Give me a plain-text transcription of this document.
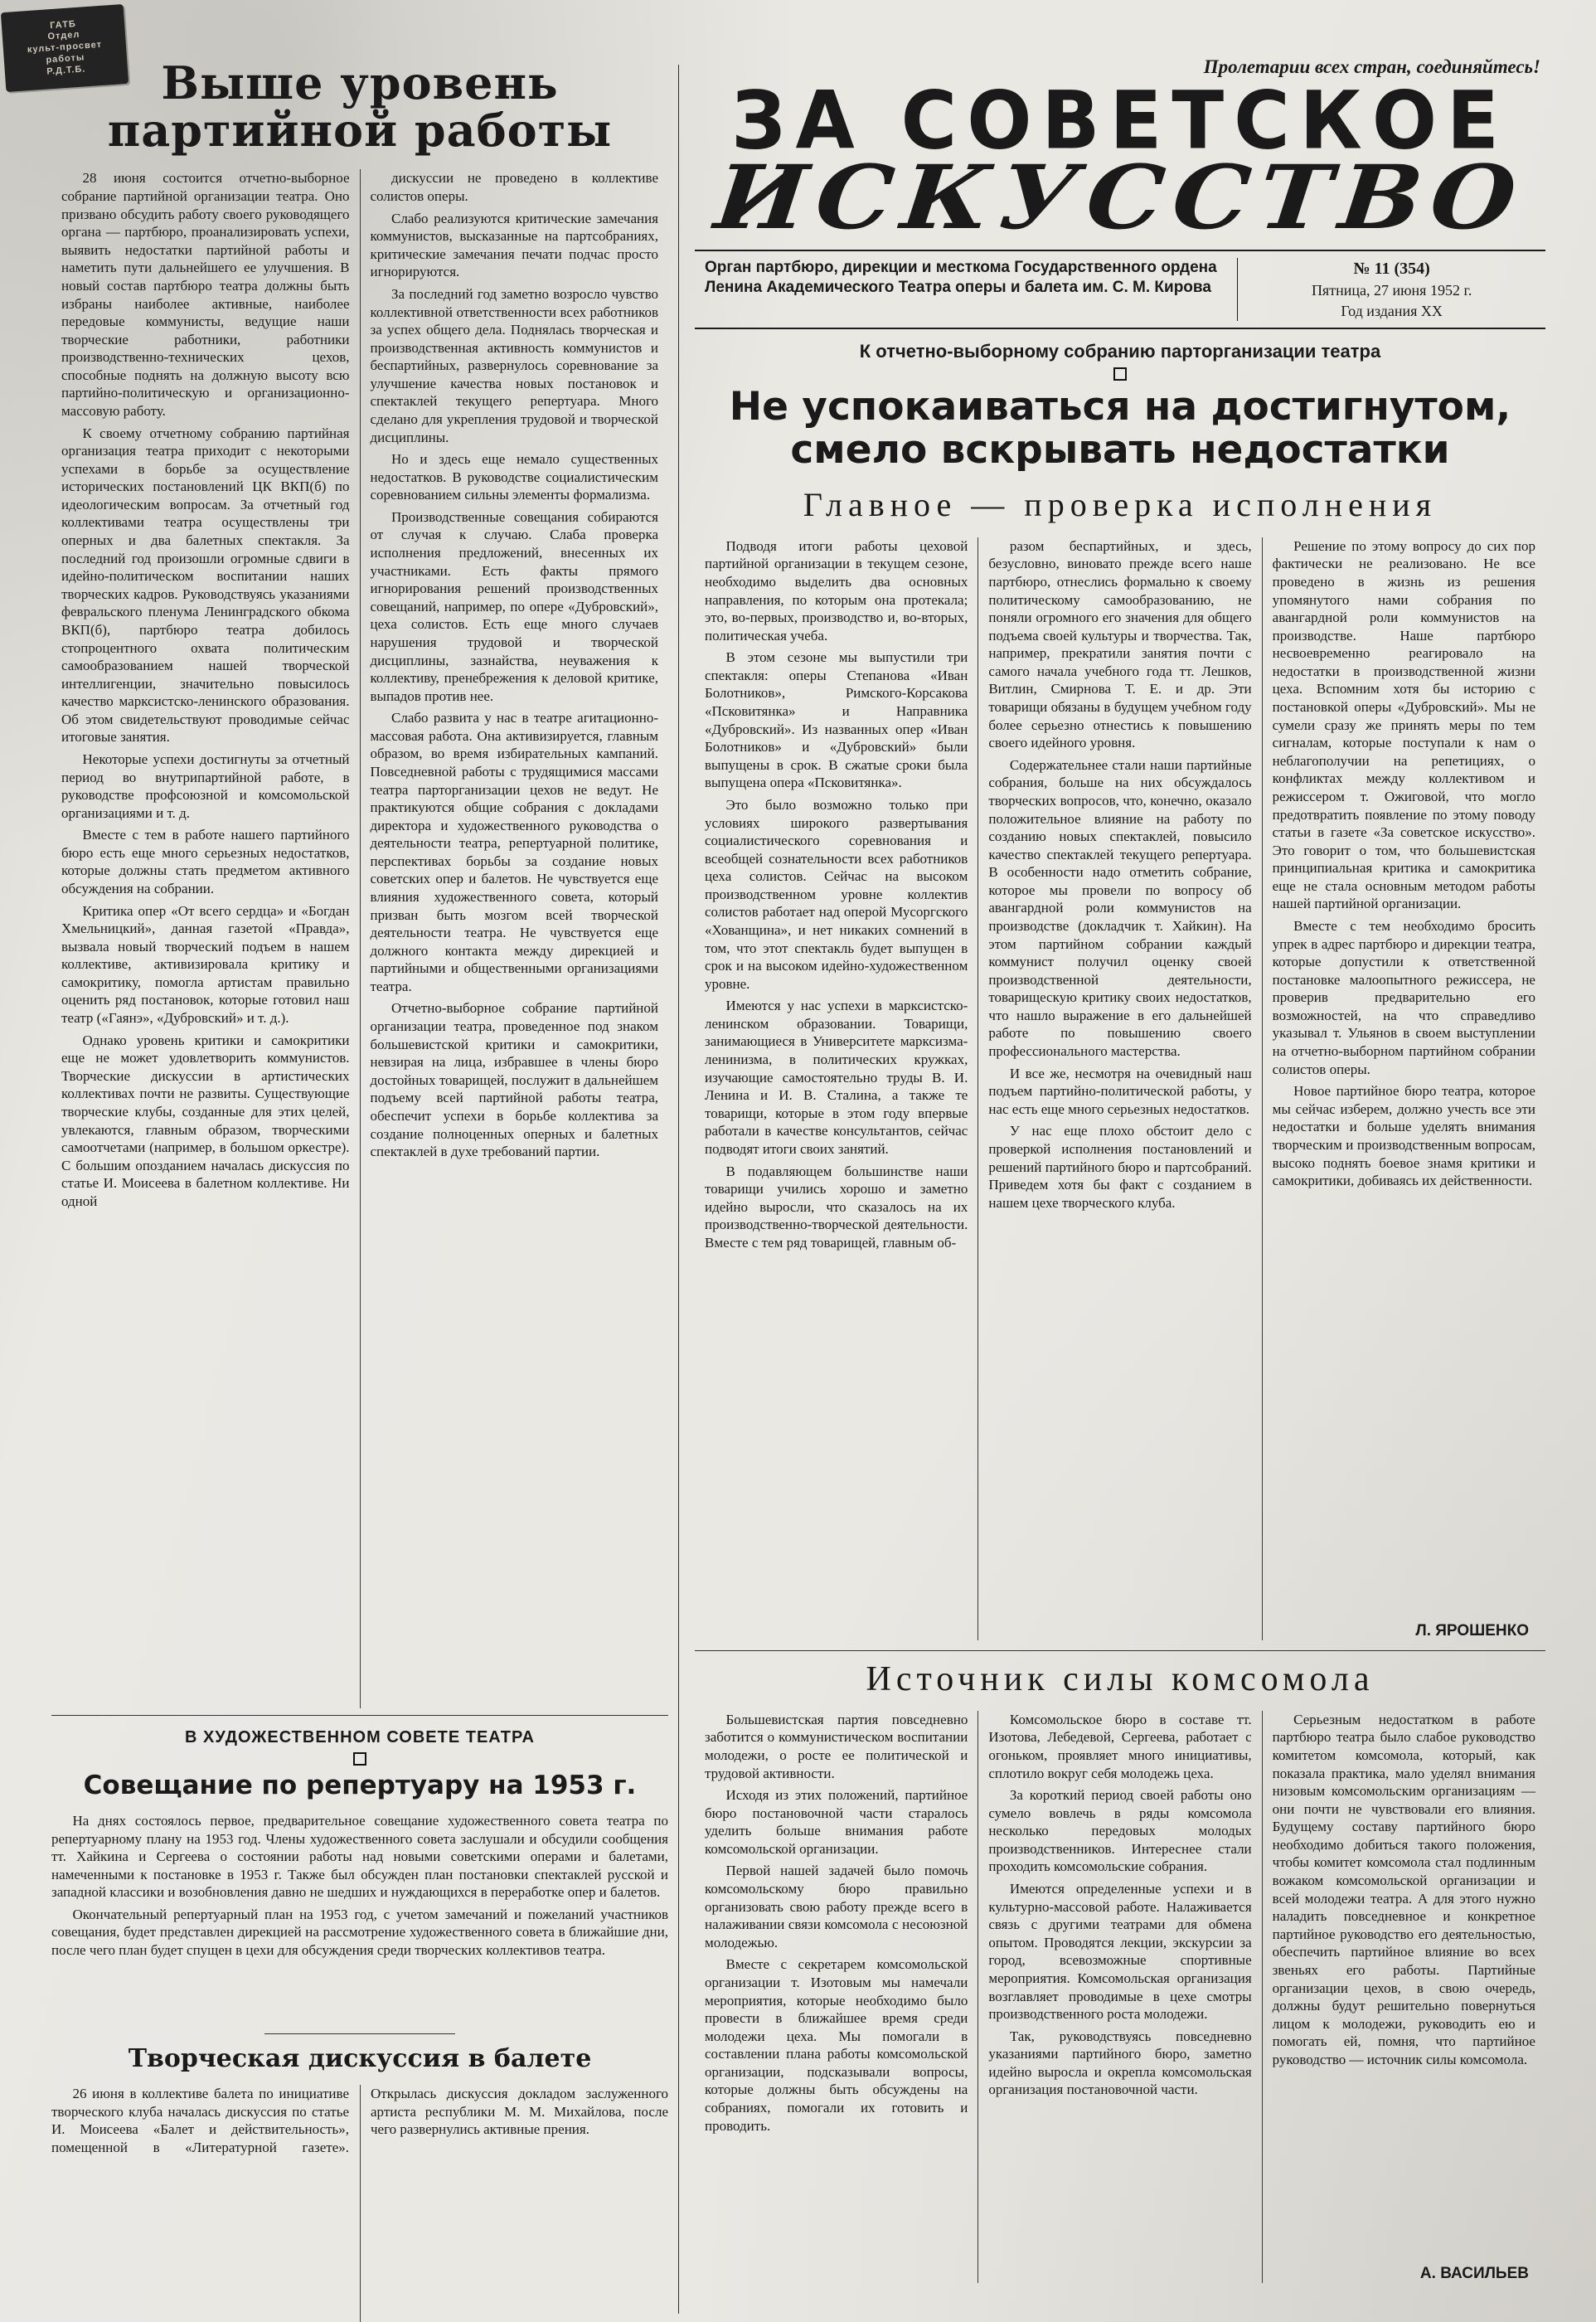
ГАТБ
Отдел
культ-просвет
работы
Р.Д.Т.Б.	Выше уровень
партийной работы

28 июня состоится отчетно-выборное собрание партийной организации театра. Оно призвано обсудить работу своего руководящего органа — партбюро, проанализировать успехи, выявить недостатки партийной работы и наметить пути дальнейшего ее улучшения. В новый состав партбюро театра должны быть избраны наиболее активные, наиболее передовые коммунисты, ведущие наши творческие работники, работники производственно-технических цехов, способные поднять на должную высоту всю партийно-политическую и организационно-массовую работу.

К своему отчетному собранию партийная организация театра приходит с некоторыми успехами в борьбе за осуществление исторических постановлений ЦК ВКП(б) по идеологическим вопросам. За отчетный год коллективами театра осуществлены три оперных и два балетных спектакля. За последний год произошли огромные сдвиги в идейно-политическом воспитании наших творческих кадров. Руководствуясь указаниями февральского пленума Ленинградского обкома ВКП(б), партбюро театра добилось стопроцентного охвата политическим самообразованием нашей творческой интеллигенции, значительно повысилось качество марксистско-ленинского образования. Об этом свидетельствуют проводимые сейчас итоговые занятия.

Некоторые успехи достигнуты за отчетный период во внутрипартийной работе, в руководстве профсоюзной и комсомольской организациями и т. д.

Вместе с тем в работе нашего партийного бюро есть еще много серьезных недостатков, которые должны стать предметом активного обсуждения на собрании.

Критика опер «От всего сердца» и «Богдан Хмельницкий», данная газетой «Правда», вызвала новый творческий подъем в нашем коллективе, активизировала критику и самокритику, помогла артистам правильно оценить ряд постановок, которые готовил наш театр («Гаянэ», «Дубровский» и т. д.).

Однако уровень критики и самокритики еще не может удовлетворить коммунистов. Творческие дискуссии в артистических коллективах почти не развиты. Существующие творческие клубы, созданные для этих целей, увлекаются, главным образом, творческими самоотчетами (например, в большом оркестре). С большим опозданием началась дискуссия по статье И. Моисеева в балетном коллективе. Ни одной

дискуссии не проведено в коллективе солистов оперы.

Слабо реализуются критические замечания коммунистов, высказанные на партсобраниях, критические замечания печати подчас просто игнорируются.

За последний год заметно возросло чувство коллективной ответственности всех работников за успех общего дела. Поднялась творческая и производственная активность коммунистов и беспартийных, развернулось соревнование за улучшение качества новых постановок и спектаклей текущего репертуара. Много сделано для укрепления трудовой и творческой дисциплины.

Но и здесь еще немало существенных недостатков. В руководстве социалистическим соревнованием сильны элементы формализма.

Производственные совещания собираются от случая к случаю. Слаба проверка исполнения предложений, внесенных их участниками. Есть факты прямого игнорирования решений производственных совещаний, например, по опере «Дубровский», цеха солистов. Есть еще много случаев нарушения трудовой и творческой дисциплины, зазнайства, неуважения к коллективу, пренебрежения к деловой критике, выпадов против нее.

Слабо развита у нас в театре агитационно-массовая работа. Она активизируется, главным образом, во время избирательных кампаний. Повседневной работы с трудящимися массами театра парторганизации цехов не ведут. Не практикуются общие собрания с докладами директора и художественного руководства о деятельности театра, репертуарной политике, перспективах борьбы за создание новых советских опер и балетов. Не чувствуется еще влияния художественного совета, который призван быть мозгом всей творческой деятельности театра. Не чувствуется еще должного контакта между дирекцией и партийными и общественными организациями театра.

Отчетно-выборное собрание партийной организации театра, проведенное под знаком большевистской критики и самокритики, невзирая на лица, избравшее в члены бюро достойных товарищей, послужит в дальнейшем подъему всей партийной работы театра, обеспечит успехи в борьбе коллектива за создание полноценных оперных и балетных спектаклей в духе требований партии.

В ХУДОЖЕСТВЕННОМ СОВЕТЕ ТЕАТРА
Совещание по репертуару на 1953 г.

На днях состоялось первое, предварительное совещание художественного совета театра по репертуарному плану на 1953 год. Члены художественного совета заслушали и обсудили сообщения тт. Хайкина и Сергеева о состоянии работы над новыми советскими операми и балетами, намеченными к постановке в 1953 г. Также был обсужден план постановки спектаклей русской и западной классики и возобновления давно не шедших и нуждающихся в переработке опер и балетов.

Окончательный репертуарный план на 1953 год, с учетом замечаний и пожеланий участников совещания, будет представлен дирекцией на рассмотрение художественного совета в ближайшие дни, после чего план будет спущен в цехи для обсуждения среди творческих коллективов театра.

Творческая дискуссия в балете

26 июня в коллективе балета по инициативе творческого клуба началась дискуссия по статье И. Моисеева «Балет и действительность», помещенной в «Литературной газете». Открылась дискуссия докладом заслуженного артиста республики М. М. Михайлова, после чего развернулись активные прения.

Пролетарии всех стран, соединяйтесь!

ЗА СОВЕТСКОЕ
ИСКУССТВО
Орган партбюро, дирекции и месткома Государственного ордена Ленина Академического Театра оперы и балета им. С. М. Кирова
№ 11 (354)
Пятница, 27 июня 1952 г.
Год издания XX

К отчетно-выборному собранию парторганизации театра

Не успокаиваться на достигнутом,
смело вскрывать недостатки
Главное — проверка исполнения

Подводя итоги работы цеховой партийной организации в текущем сезоне, необходимо выделить два основных направления, по которым она протекала; это, во-первых, производство и, во-вторых, политическая учеба.

В этом сезоне мы выпустили три спектакля: оперы Степанова «Иван Болотников», Римского-Корсакова «Псковитянка» и Направника «Дубровский». Из названных опер «Иван Болотников» и «Дубровский» были выпущены в срок. В сжатые сроки была выпущена опера «Псковитянка».

Это было возможно только при условиях широкого развертывания социалистического соревнования и всеобщей сознательности всех работников цеха солистов. Сейчас на высоком производственном уровне коллектив солистов работает над оперой Мусоргского «Хованщина», и нет никаких сомнений в том, что этот спектакль будет выпущен в срок и на высоком идейно-художественном уровне.

Имеются у нас успехи в марксистско-ленинском образовании. Товарищи, занимающиеся в Университете марксизма-ленинизма, в политических кружках, изучающие самостоятельно труды В. И. Ленина и И. В. Сталина, а также те товарищи, которые в этом году впервые работали в качестве консультантов, сейчас подводят итоги своих занятий.

В подавляющем большинстве наши товарищи учились хорошо и заметно идейно выросли, что сказалось на их производственно-творческой деятельности. Вместе с тем ряд товарищей, главным об-

разом беспартийных, и здесь, безусловно, виновато прежде всего наше партбюро, отнеслись формально к своему политическому самообразованию, не поняли огромного его значения для общего подъема своей культуры и творчества. Так, например, прекратили занятия почти с самого начала учебного года тт. Лешков, Витлин, Смирнова Т. Е. и др. Эти товарищи обязаны в будущем учебном году более серьезно отнестись к повышению своего идейного уровня.

Содержательнее стали наши партийные собрания, больше на них обсуждалось творческих вопросов, что, конечно, оказало положительное влияние на работу по созданию новых спектаклей, повысило качество спектаклей текущего репертуара. В особенности надо отметить собрание, которое мы провели по вопросу об авангардной роли коммунистов на производстве (докладчик т. Хайкин). На этом партийном собрании каждый коммунист получил оценку своей производственной деятельности, товарищескую критику своих недостатков, что нашло выражение в его дальнейшей работе по повышению своего профессионального мастерства.

И все же, несмотря на очевидный наш подъем партийно-политической работы, у нас есть еще много серьезных недостатков.

У нас еще плохо обстоит дело с проверкой исполнения постановлений и решений партийного бюро и партсобраний. Приведем хотя бы факт с созданием в нашем цехе творческого клуба.

Решение по этому вопросу до сих пор фактически не реализовано. Не все проведено в жизнь из решения упомянутого нами собрания по авангардной роли коммунистов на производстве. Наше партбюро несвоевременно реагировало на недостатки в производственной жизни цеха. Вспомним хотя бы историю с постановкой оперы «Дубровский». Мы не сумели сразу же принять меры по тем сигналам, которые поступали к нам о неблагополучии на репетициях, о конфликтах между коллективом и режиссером т. Ожиговой, что могло предотвратить появление по этому поводу статьи в газете «За советское искусство». Это говорит о том, что большевистская принципиальная критика и самокритика еще не стала основным методом работы нашей партийной организации.

Вместе с тем необходимо бросить упрек в адрес партбюро и дирекции театра, которые допустили к ответственной постановке малоопытного режиссера, не проверив предварительно его возможностей, на что справедливо указывал т. Ульянов в своем выступлении на отчетно-выборном партийном собрании солистов оперы.

Новое партийное бюро театра, которое мы сейчас изберем, должно учесть все эти недостатки и больше уделять внимания творческим и производственным вопросам, высоко поднять боевое знамя критики и самокритики, добиваясь их действенности.

Л. ЯРОШЕНКО
Источник силы комсомола

Большевистская партия повседневно заботится о коммунистическом воспитании молодежи, о росте ее политической и трудовой активности.

Исходя из этих положений, партийное бюро постановочной части старалось уделить больше внимания работе комсомольской организации.

Первой нашей задачей было помочь комсомольскому бюро правильно организовать свою работу прежде всего в налаживании связи комсомола с несоюзной молодежью.

Вместе с секретарем комсомольской организации т. Изотовым мы намечали мероприятия, которые необходимо было провести в ближайшее время среди молодежи цеха. Мы помогали в составлении плана работы комсомольской организации, подсказывали вопросы, которые должны быть обсуждены на собраниях, помогали их готовить и проводить.

Комсомольское бюро в составе тт. Изотова, Лебедевой, Сергеева, работает с огоньком, проявляет много инициативы, сплотило вокруг себя молодежь цеха.

За короткий период своей работы оно сумело вовлечь в ряды комсомола несколько передовых молодых производственников. Интереснее стали проходить комсомольские собрания.

Имеются определенные успехи и в культурно-массовой работе. Налаживается связь с другими театрами для обмена опытом. Проводятся лекции, экскурсии за город, всевозможные спортивные мероприятия. Комсомольская организация возглавляет проводимые в цехе смотры производственного роста молодежи.

Так, руководствуясь повседневно указаниями партийного бюро, заметно идейно выросла и окрепла комсомольская организация постановочной части.

Серьезным недостатком в работе партбюро театра было слабое руководство комитетом комсомола, который, как показала практика, мало уделял внимания низовым комсомольским организациям — они почти не чувствовали его влияния. Будущему составу партийного бюро необходимо добиться такого положения, чтобы комитет комсомола стал подлинным вожаком комсомольской организации и всей молодежи театра. А для этого нужно наладить повседневное и конкретное партийное руководство его деятельностью, обеспечить партийное влияние во всех звеньях его работы. Партийные организации цехов, в свою очередь, должны будут решительно повернуться лицом к молодежи, руководить ею и помогать ей, помня, что партийное руководство — источник силы комсомола.

А. ВАСИЛЬЕВ
